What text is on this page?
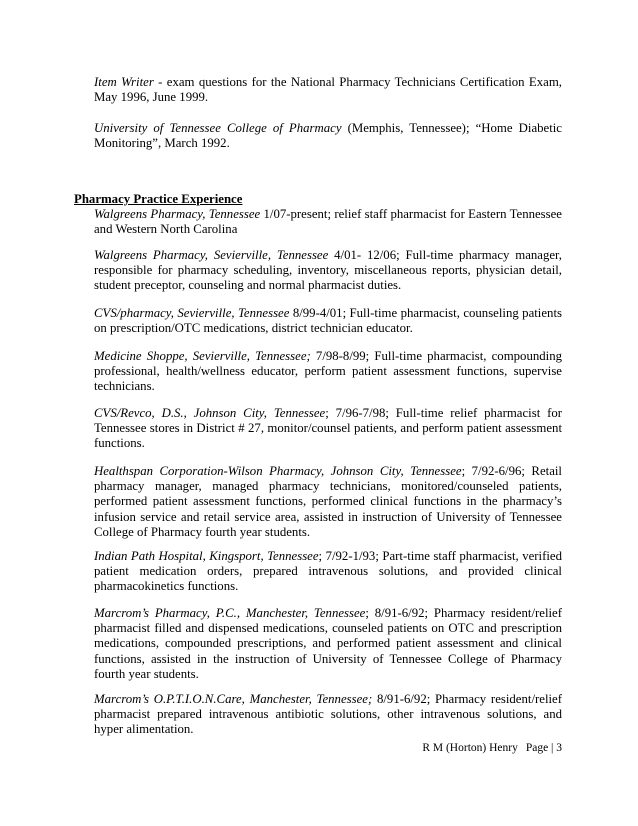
Item Writer - exam questions for the National Pharmacy Technicians Certification Exam, May 1996, June 1999.

University of Tennessee College of Pharmacy (Memphis, Tennessee); “Home Diabetic Monitoring”, March 1992.

Pharmacy Practice Experience

Walgreens Pharmacy, Tennessee 1/07-present; relief staff pharmacist for Eastern Tennessee and Western North Carolina

Walgreens Pharmacy, Sevierville, Tennessee 4/01- 12/06; Full-time pharmacy manager, responsible for pharmacy scheduling, inventory, miscellaneous reports, physician detail, student preceptor, counseling and normal pharmacist duties.

CVS/pharmacy, Sevierville, Tennessee 8/99-4/01; Full-time pharmacist, counseling patients on prescription/OTC medications, district technician educator.

Medicine Shoppe, Sevierville, Tennessee; 7/98-8/99; Full-time pharmacist, compounding professional, health/wellness educator, perform patient assessment functions, supervise technicians.

CVS/Revco, D.S., Johnson City, Tennessee; 7/96-7/98; Full-time relief pharmacist for Tennessee stores in District # 27, monitor/counsel patients, and perform patient assessment functions.

Healthspan Corporation-Wilson Pharmacy, Johnson City, Tennessee; 7/92-6/96; Retail pharmacy manager, managed pharmacy technicians, monitored/counseled patients, performed patient assessment functions, performed clinical functions in the pharmacy’s infusion service and retail service area, assisted in instruction of University of Tennessee College of Pharmacy fourth year students.

Indian Path Hospital, Kingsport, Tennessee; 7/92-1/93; Part-time staff pharmacist, verified patient medication orders, prepared intravenous solutions, and provided clinical pharmacokinetics functions.

Marcrom’s Pharmacy, P.C., Manchester, Tennessee; 8/91-6/92; Pharmacy resident/relief pharmacist filled and dispensed medications, counseled patients on OTC and prescription medications, compounded prescriptions, and performed patient assessment and clinical functions, assisted in the instruction of University of Tennessee College of Pharmacy fourth year students.

Marcrom’s O.P.T.I.O.N.Care, Manchester, Tennessee; 8/91-6/92; Pharmacy resident/relief pharmacist prepared intravenous antibiotic solutions, other intravenous solutions, and hyper alimentation.

R M (Horton) Henry Page | 3
